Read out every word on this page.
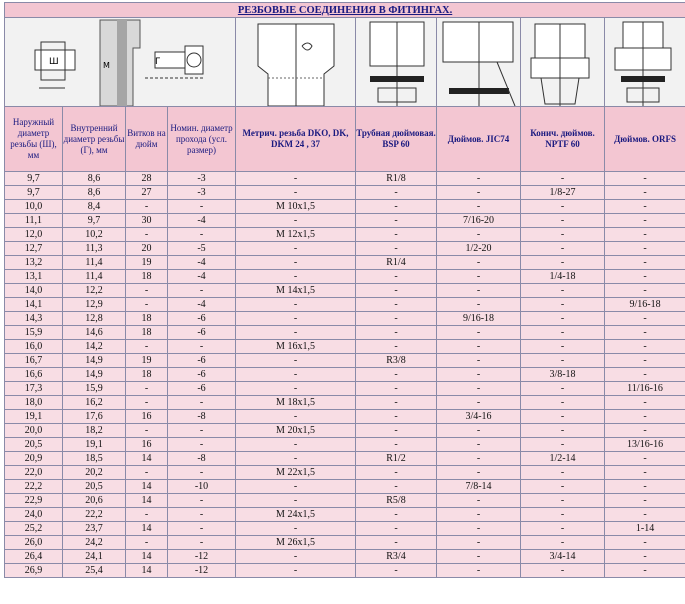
РЕЗБОВЫЕ СОЕДИНЕНИЯ В ФИТИНГАХ.								

Ш Г
М

Наружный диаметр резьбы (Ш), мм	Внутренний диаметр резьбы (Г), мм	Витков на дюйм	Номин. диаметр прохода (усл. размер)	Метрич. резьба DKO, DK, DKM 24 , 37	Трубная дюймовая. BSP 60	Дюймов. JIC74	Конич. дюймов. NPTF 60	Дюймов. ORFS
9,7	8,6	28	-3	-	R1/8	-	-	-
9,7	8,6	27	-3	-	-	-	1/8-27	-
10,0	8,4	-	-	M 10x1,5	-	-	-	-
11,1	9,7	30	-4	-	-	7/16-20	-	-
12,0	10,2	-	-	M 12x1,5	-	-	-	-
12,7	11,3	20	-5	-	-	1/2-20	-	-
13,2	11,4	19	-4	-	R1/4	-	-	-
13,1	11,4	18	-4	-	-	-	1/4-18	-
14,0	12,2	-	-	M 14x1,5	-	-	-	-
14,1	12,9	-	-4	-	-	-	-	9/16-18
14,3	12,8	18	-6	-	-	9/16-18	-	-
15,9	14,6	18	-6	-	-	-	-	-
16,0	14,2	-	-	M 16x1,5	-	-	-	-
16,7	14,9	19	-6	-	R3/8	-	-	-
16,6	14,9	18	-6	-	-	-	3/8-18	-
17,3	15,9	-	-6	-	-	-	-	11/16-16
18,0	16,2	-	-	M 18x1,5	-	-	-	-
19,1	17,6	16	-8	-	-	3/4-16	-	-
20,0	18,2	-	-	M 20x1,5	-	-	-	-
20,5	19,1	16	-	-	-	-	-	13/16-16
20,9	18,5	14	-8	-	R1/2	-	1/2-14	-
22,0	20,2	-	-	M 22x1,5	-	-	-	-
22,2	20,5	14	-10	-	-	7/8-14	-	-
22,9	20,6	14	-	-	R5/8	-	-	-
24,0	22,2	-	-	M 24x1,5	-	-	-	-
25,2	23,7	14	-	-	-	-	-	1-14
26,0	24,2	-	-	M 26x1,5	-	-	-	-
26,4	24,1	14	-12	-	R3/4	-	3/4-14	-
26,9	25,4	14	-12	-	-	-	-	-
